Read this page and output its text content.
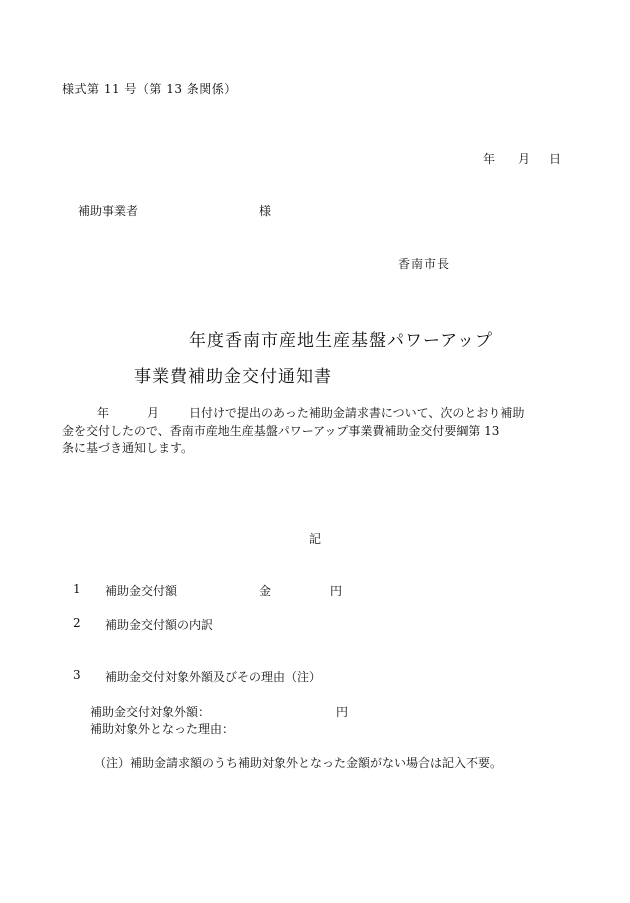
様式第 11 号（第 13 条関係）
年 月 日
補助事業者	様
香南市長
年度香南市産地生産基盤パワーアップ
事業費補助金交付通知書
年	月	日付けで提出のあった補助金請求書について、次のとおり補助
金を交付したので、香南市産地生産基盤パワーアップ事業費補助金交付要綱第 13
条に基づき通知します。
記
1 補助金交付額	金	円
2 補助金交付額の内訳
3 補助金交付対象外額及びその理由（注）
補助金交付対象外額：	円
補助対象外となった理由：
（注）補助金請求額のうち補助対象外となった金額がない場合は記入不要。
